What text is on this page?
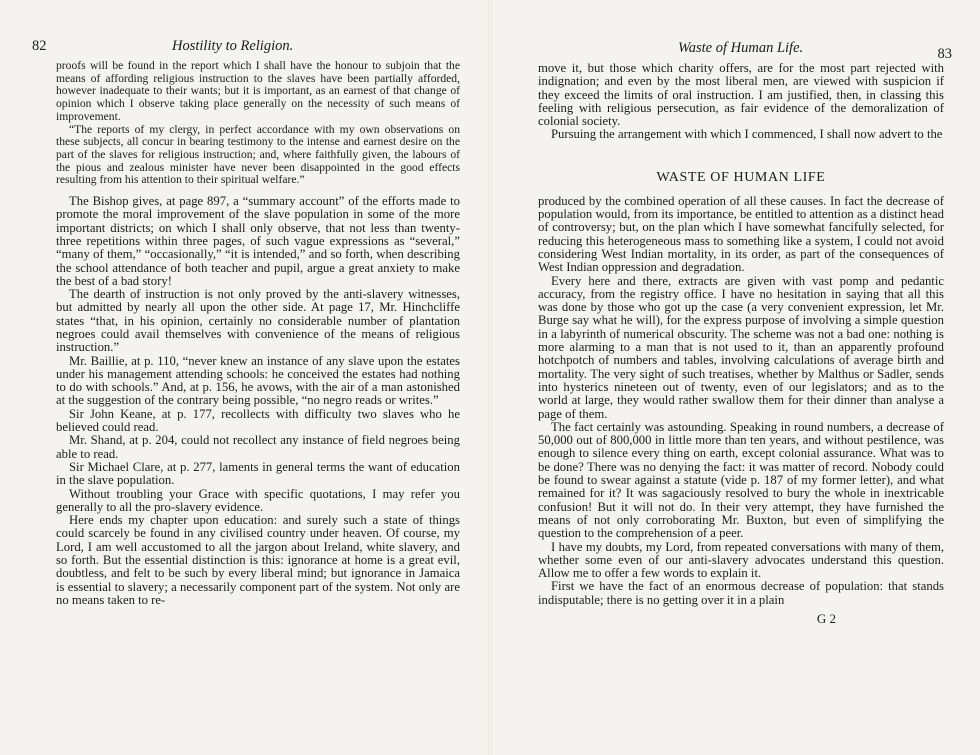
82	Hostility to Religion.

proofs will be found in the report which I shall have the honour to subjoin that the means of affording religious instruction to the slaves have been partially afforded, however inadequate to their wants; but it is important, as an earnest of that change of opinion which I observe taking place generally on the necessity of such means of improvement.

“The reports of my clergy, in perfect accordance with my own observations on these subjects, all concur in bearing testimony to the intense and earnest desire on the part of the slaves for religious instruction; and, where faithfully given, the labours of the pious and zealous minister have never been disappointed in the good effects resulting from his attention to their spiritual welfare.”

The Bishop gives, at page 897, a “summary account” of the efforts made to promote the moral improvement of the slave population in some of the more important districts; on which I shall only observe, that not less than twenty-three repetitions within three pages, of such vague expressions as “several,” “many of them,” “occasionally,” “it is intended,” and so forth, when describing the school attendance of both teacher and pupil, argue a great anxiety to make the best of a bad story!

The dearth of instruction is not only proved by the anti-slavery witnesses, but admitted by nearly all upon the other side. At page 17, Mr. Hinchcliffe states “that, in his opinion, certainly no considerable number of plantation negroes could avail themselves with convenience of the means of religious instruction.”

Mr. Baillie, at p. 110, “never knew an instance of any slave upon the estates under his management attending schools: he conceived the estates had nothing to do with schools.” And, at p. 156, he avows, with the air of a man astonished at the suggestion of the contrary being possible, “no negro reads or writes.”

Sir John Keane, at p. 177, recollects with difficulty two slaves who he believed could read.

Mr. Shand, at p. 204, could not recollect any instance of field negroes being able to read.

Sir Michael Clare, at p. 277, laments in general terms the want of education in the slave population.

Without troubling your Grace with specific quotations, I may refer you generally to all the pro-slavery evidence.

Here ends my chapter upon education: and surely such a state of things could scarcely be found in any civilised country under heaven. Of course, my Lord, I am well accustomed to all the jargon about Ireland, white slavery, and so forth. But the essential distinction is this: ignorance at home is a great evil, doubtless, and felt to be such by every liberal mind; but ignorance in Jamaica is essential to slavery; a necessarily component part of the system. Not only are no means taken to re-

Waste of Human Life.	83

move it, but those which charity offers, are for the most part rejected with indignation; and even by the most liberal men, are viewed with suspicion if they exceed the limits of oral instruction. I am justified, then, in classing this feeling with religious persecution, as fair evidence of the demoralization of colonial society.

Pursuing the arrangement with which I commenced, I shall now advert to the

WASTE OF HUMAN LIFE

produced by the combined operation of all these causes. In fact the decrease of population would, from its importance, be entitled to attention as a distinct head of controversy; but, on the plan which I have somewhat fancifully selected, for reducing this heterogeneous mass to something like a system, I could not avoid considering West Indian mortality, in its order, as part of the consequences of West Indian oppression and degradation.

Every here and there, extracts are given with vast pomp and pedantic accuracy, from the registry office. I have no hesitation in saying that all this was done by those who got up the case (a very convenient expression, let Mr. Burge say what he will), for the express purpose of involving a simple question in a labyrinth of numerical obscurity. The scheme was not a bad one: nothing is more alarming to a man that is not used to it, than an apparently profound hotchpotch of numbers and tables, involving calculations of average birth and mortality. The very sight of such treatises, whether by Malthus or Sadler, sends into hysterics nineteen out of twenty, even of our legislators; and as to the world at large, they would rather swallow them for their dinner than analyse a page of them.

The fact certainly was astounding. Speaking in round numbers, a decrease of 50,000 out of 800,000 in little more than ten years, and without pestilence, was enough to silence every thing on earth, except colonial assurance. What was to be done? There was no denying the fact: it was matter of record. Nobody could be found to swear against a statute (vide p. 187 of my former letter), and what remained for it? It was sagaciously resolved to bury the whole in inextricable confusion! But it will not do. In their very attempt, they have furnished the means of not only corroborating Mr. Buxton, but even of simplifying the question to the comprehension of a peer.

I have my doubts, my Lord, from repeated conversations with many of them, whether some even of our anti-slavery advocates understand this question. Allow me to offer a few words to explain it.

First we have the fact of an enormous decrease of population: that stands indisputable; there is no getting over it in a plain

G 2
